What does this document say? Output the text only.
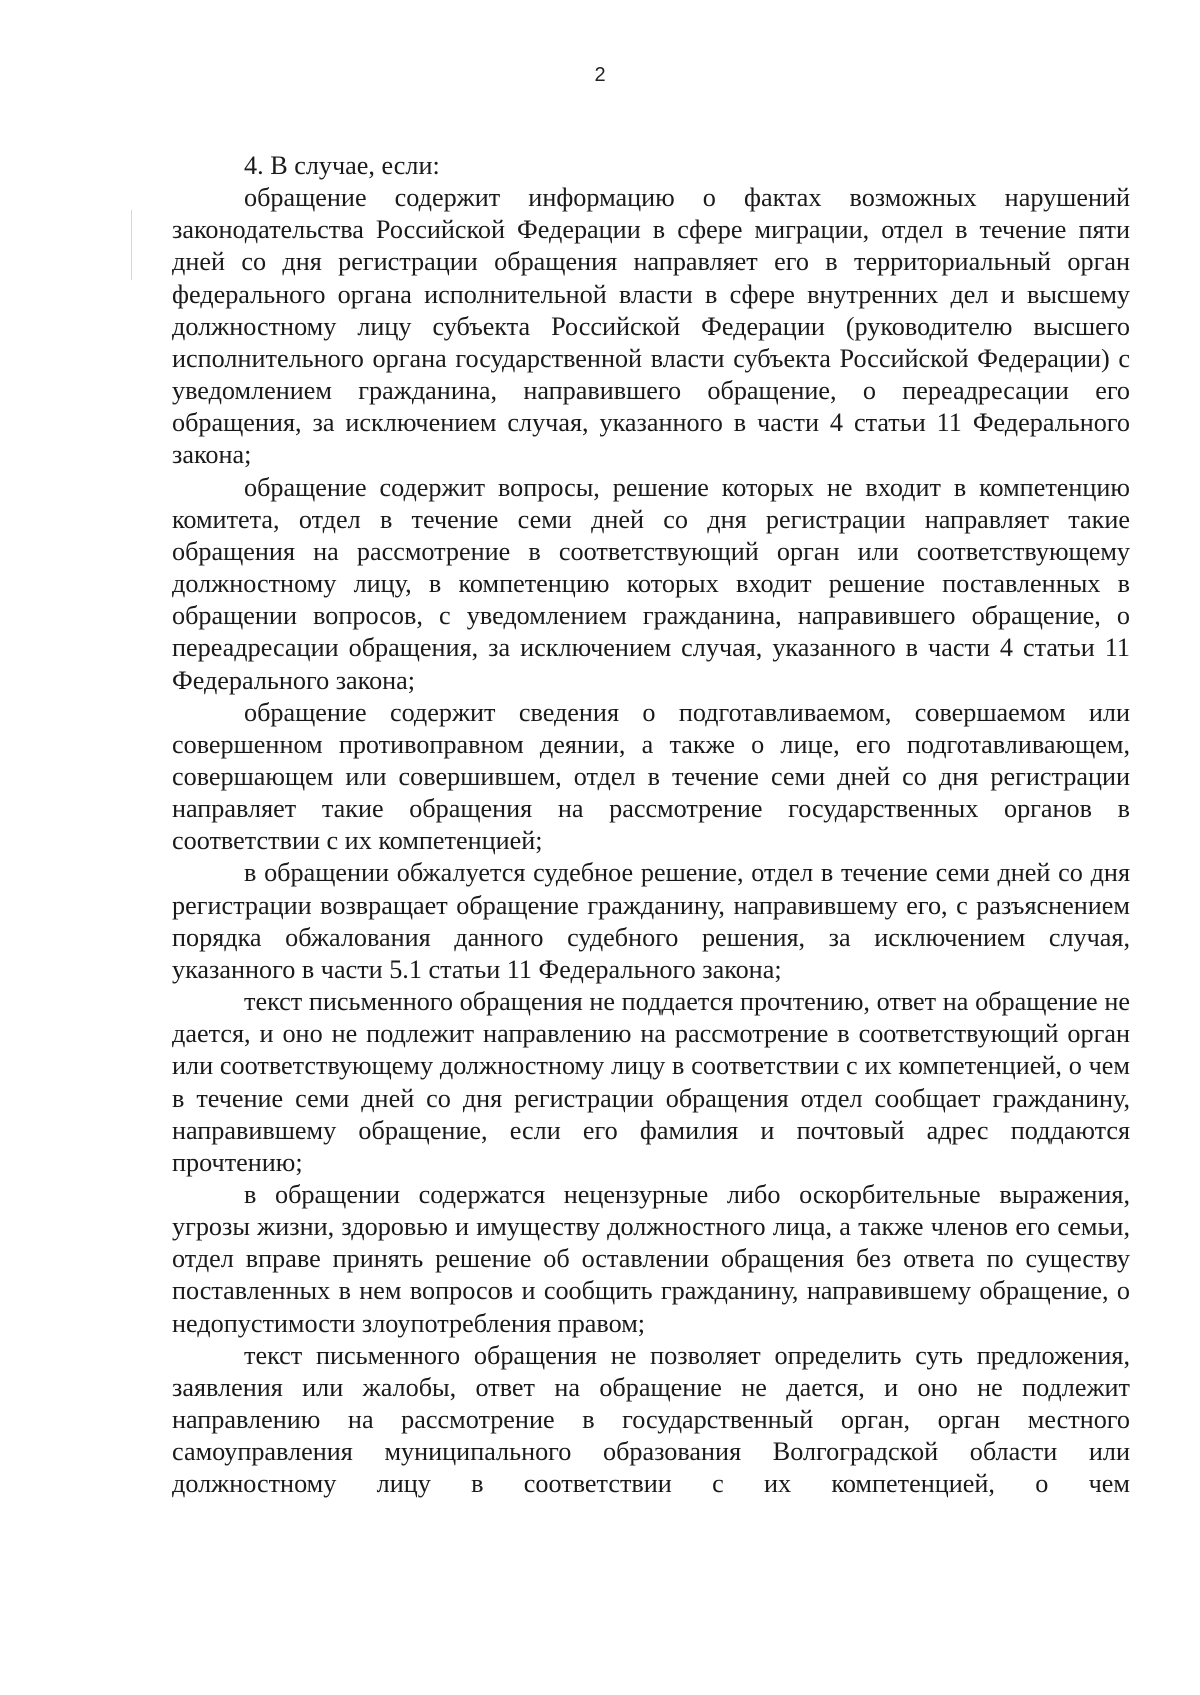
2

4. В случае, если:

обращение содержит информацию о фактах возможных нарушений законодательства Российской Федерации в сфере миграции, отдел в течение пяти дней со дня регистрации обращения направляет его в территориальный орган федерального органа исполнительной власти в сфере внутренних дел и высшему должностному лицу субъекта Российской Федерации (руководителю высшего исполнительного органа государственной власти субъекта Российской Федерации) с уведомлением гражданина, направившего обращение, о переадресации его обращения, за исключением случая, указанного в части 4 статьи 11 Федерального закона;

обращение содержит вопросы, решение которых не входит в компетенцию комитета, отдел в течение семи дней со дня регистрации направляет такие обращения на рассмотрение в соответствующий орган или соответствующему должностному лицу, в компетенцию которых входит решение поставленных в обращении вопросов, с уведомлением гражданина, направившего обращение, о переадресации обращения, за исключением случая, указанного в части 4 статьи 11 Федерального закона;

обращение содержит сведения о подготавливаемом, совершаемом или совершенном противоправном деянии, а также о лице, его подготавливающем, совершающем или совершившем, отдел в течение семи дней со дня регистрации направляет такие обращения на рассмотрение государственных органов в соответствии с их компетенцией;

в обращении обжалуется судебное решение, отдел в течение семи дней со дня регистрации возвращает обращение гражданину, направившему его, с разъяснением порядка обжалования данного судебного решения, за исключением случая, указанного в части 5.1 статьи 11 Федерального закона;

текст письменного обращения не поддается прочтению, ответ на обращение не дается, и оно не подлежит направлению на рассмотрение в соответствующий орган или соответствующему должностному лицу в соответствии с их компетенцией, о чем в течение семи дней со дня регистрации обращения отдел сообщает гражданину, направившему обращение, если его фамилия и почтовый адрес поддаются прочтению;

в обращении содержатся нецензурные либо оскорбительные выражения, угрозы жизни, здоровью и имуществу должностного лица, а также членов его семьи, отдел вправе принять решение об оставлении обращения без ответа по существу поставленных в нем вопросов и сообщить гражданину, направившему обращение, о недопустимости злоупотребления правом;

текст письменного обращения не позволяет определить суть предложения, заявления или жалобы, ответ на обращение не дается, и оно не подлежит направлению на рассмотрение в государственный орган, орган местного самоуправления муниципального образования Волгоградской области или должностному лицу в соответствии с их компетенцией, о чем
